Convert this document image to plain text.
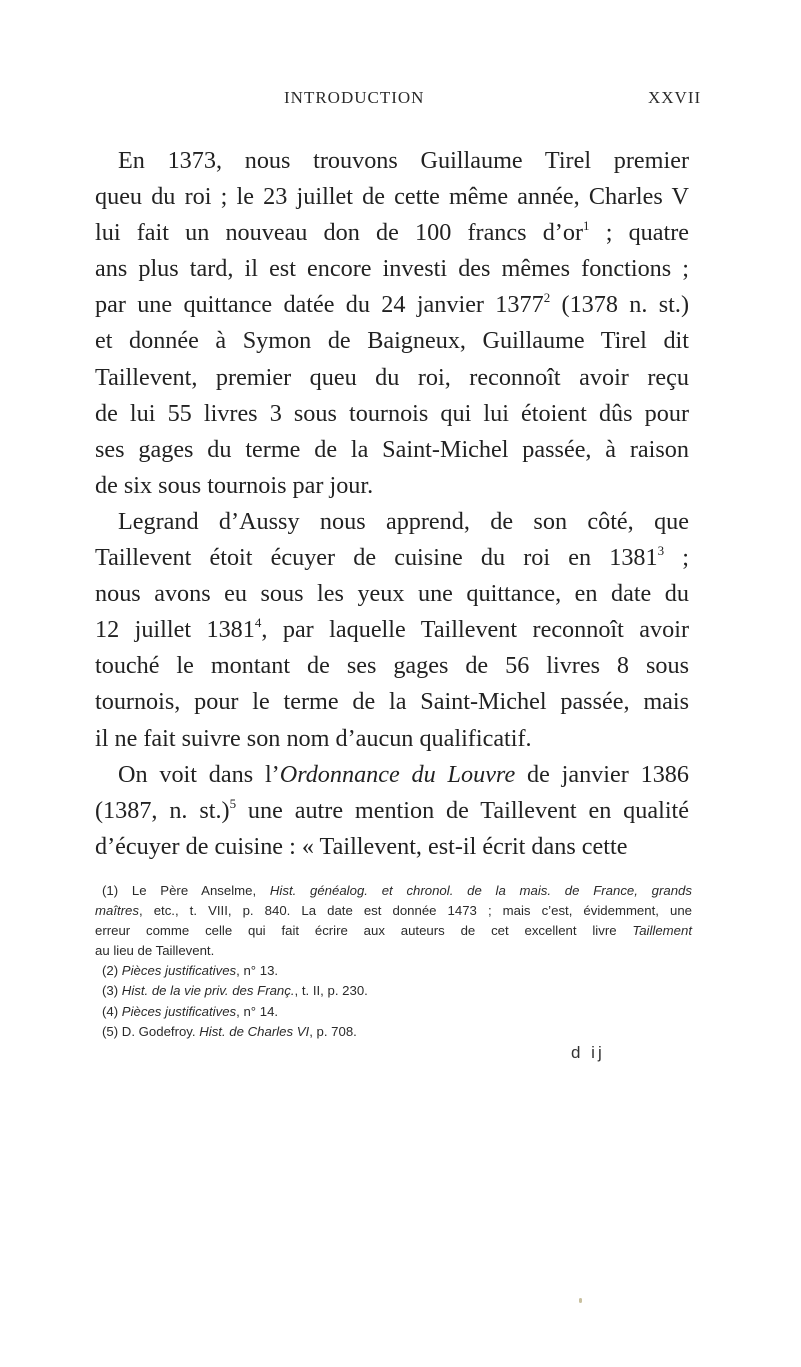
INTRODUCTION	XXVII
En 1373, nous trouvons Guillaume Tirel premier
queu du roi ; le 23 juillet de cette même année, Charles V
lui fait un nouveau don de 100 francs $d’or^1$ ; quatre
ans plus tard, il est encore investi des mêmes fonctions ;
par une quittance datée du 24 janvier 1377$^2$ (1378 n. st.)
et donnée à Symon de Baigneux, Guillaume Tirel dit
Taillevent, premier queu du roi, reconnoît avoir reçu
de lui 55 livres 3 sous tournois qui lui étoient dûs pour
ses gages du terme de la Saint-Michel passée, à raison
de six sous tournois par jour.
Legrand d’Aussy nous apprend, de son côté, que
Taillevent étoit écuyer de cuisine du roi en 1381$^3$ ;
nous avons eu sous les yeux une quittance, en date du
12 juillet 1381$^4$, par laquelle Taillevent reconnoît avoir
touché le montant de ses gages de 56 livres 8 sous
tournois, pour le terme de la Saint-Michel passée, mais
il ne fait suivre son nom d’aucun qualificatif.
On voit dans l’Ordonnance du Louvre de janvier 1386
(1387, n. st.)$^5$ une autre mention de Taillevent en qualité
d’écuyer de cuisine : « Taillevent, est-il écrit dans cette
(1) Le Père Anselme, Hist. généalog. et chronol. de la mais. de France, grands
maîtres, etc., t. VIII, p. 840. La date est donnée 1473 ; mais c’est, évidemment, une
erreur comme celle qui fait écrire aux auteurs de cet excellent livre Taillement
au lieu de Taillevent.
(2) Pièces justificatives, n° 13.
(3) Hist. de la vie priv. des Franç., t. II, p. 230.
(4) Pièces justificatives, n° 14.
(5) D. Godefroy. Hist. de Charles VI, p. 708.
d ij
